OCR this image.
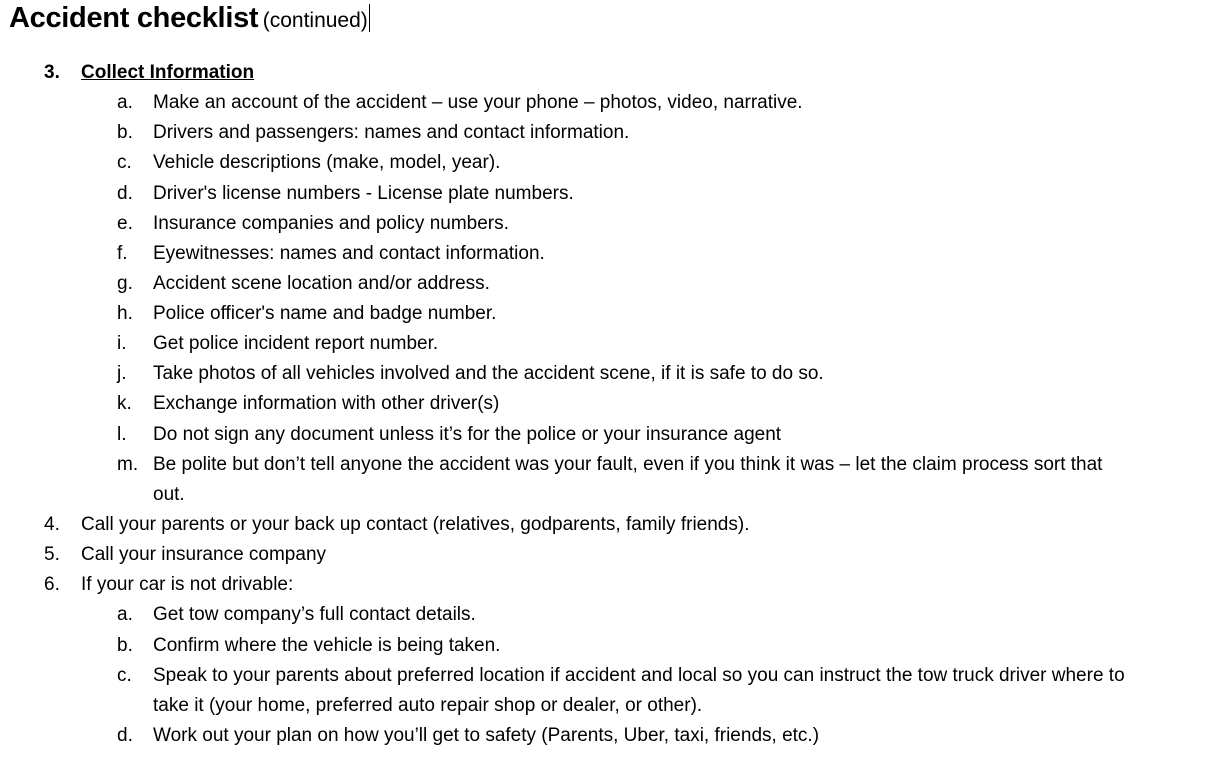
Accident checklist (continued)
3. Collect Information
a. Make an account of the accident – use your phone – photos, video, narrative.
b. Drivers and passengers: names and contact information.
c. Vehicle descriptions (make, model, year).
d. Driver's license numbers - License plate numbers.
e. Insurance companies and policy numbers.
f. Eyewitnesses: names and contact information.
g. Accident scene location and/or address.
h. Police officer's name and badge number.
i. Get police incident report number.
j. Take photos of all vehicles involved and the accident scene, if it is safe to do so.
k. Exchange information with other driver(s)
l. Do not sign any document unless it’s for the police or your insurance agent
m. Be polite but don’t tell anyone the accident was your fault, even if you think it was – let the claim process sort that
out.
4. Call your parents or your back up contact (relatives, godparents, family friends).
5. Call your insurance company
6. If your car is not drivable:
a. Get tow company’s full contact details.
b. Confirm where the vehicle is being taken.
c. Speak to your parents about preferred location if accident and local so you can instruct the tow truck driver where to
take it (your home, preferred auto repair shop or dealer, or other).
d. Work out your plan on how you’ll get to safety (Parents, Uber, taxi, friends, etc.)
